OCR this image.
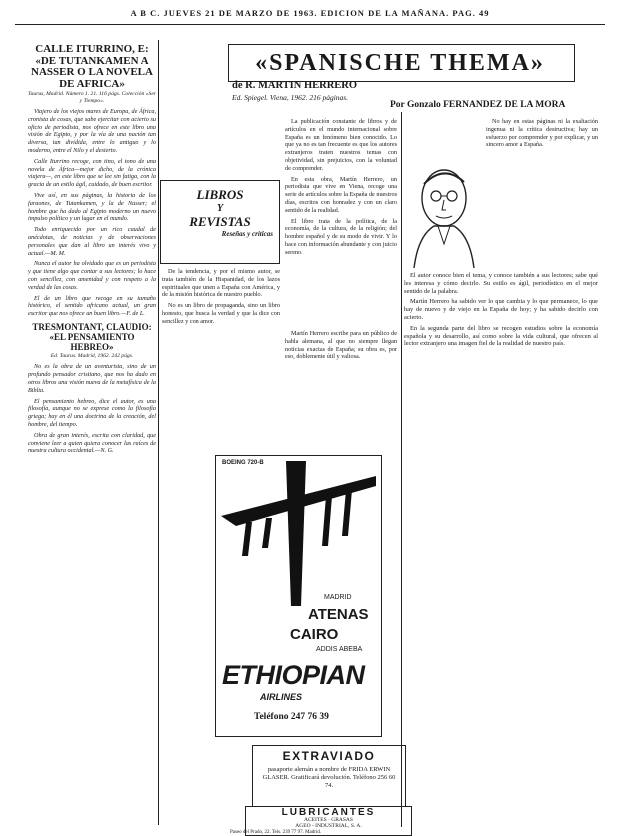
A B C. JUEVES 21 DE MARZO DE 1963. EDICION DE LA MAÑANA. PAG. 49
CALLE ITURRINO, E: «DE TUTANKAMEN A NASSER O LA NOVELA DE AFRICA»
Taurus, Madrid. Número 1. 21. 116 págs. Colección «Ser y Tiempo».

Viajero de los viejos mares de Europa, de África, cronista de cosas, que sabe ejercitar con acierto su oficio de periodista, nos ofrece en este libro una visión de Egipto, y por la vía de una nación tan diversa, tan dividida, entre lo antiguo y lo moderno, entre el Nilo y el desierto.

Calle Iturrino recoge, con tino, el tono de una novela de África—mejor dicho, de la crónica viajera—, en este libro que se lee sin fatiga, con la gracia de un estilo ágil, cuidado, de buen escritor.

Vive así, en sus páginas, la historia de los faraones, de Tutankamen, y la de Nasser; el hombre que ha dado al Egipto moderno un nuevo impulso político y un lugar en el mundo.

Todo enriquecido por un rico caudal de anécdotas, de noticias y de observaciones personales que dan al libro un interés vivo y actual.—M. M.

Nunca el autor ha olvidado que es un periodista y que tiene algo que contar a sus lectores; lo hace con sencillez, con amenidad y con respeto a la verdad de las cosas.

El de un libro que recoge en su tamaño histórico, el sentido africano actual, un gran escritor que nos ofrece un buen libro.—F. de L.

TRESMONTANT, CLAUDIO: «EL PENSAMIENTO HEBREO»
Ed. Taurus. Madrid, 1962. 242 págs.

No es la obra de un aventurista, sino de un profundo pensador cristiano, que nos ha dado en otros libros una visión nueva de la metafísica de la Biblia.

El pensamiento hebreo, dice el autor, es una filosofía, aunque no se exprese como la filosofía griega; hay en él una doctrina de la creación, del hombre, del tiempo.

Obra de gran interés, escrita con claridad, que conviene leer a quien quiera conocer las raíces de nuestra cultura occidental.—N. G.

LIBROS
Y
REVISTAS
Reseñas y críticas
«SPANISCHE THEMA»
de R. MARTIN HERRERO
Ed. Spiegel. Viena, 1962. 216 páginas.
Por Gonzalo FERNANDEZ DE LA MORA

La publicación constante de libros y de artículos en el mundo internacional sobre España es un fenómeno bien conocido. Lo que ya no es tan frecuente es que los autores extranjeros traten nuestros temas con objetividad, sin prejuicios, con la voluntad de comprender.

En esta obra, Martín Herrero, un periodista que vive en Viena, recoge una serie de artículos sobre la España de nuestros días, escritos con honradez y con un claro sentido de la realidad.

El libro trata de la política, de la economía, de la cultura, de la religión; del hombre español y de su modo de vivir. Y lo hace con información abundante y con juicio sereno.

De la tendencia, y por el mismo autor, se trata también de la Hispanidad, de los lazos espirituales que unen a España con América, y de la misión histórica de nuestro pueblo.

No es un libro de propaganda, sino un libro honesto, que busca la verdad y que la dice con sencillez y con amor.

Martín Herrero escribe para un público de habla alemana, al que no siempre llegan noticias exactas de España; su obra es, por eso, doblemente útil y valiosa.

No hay en estas páginas ni la exaltación ingenua ni la crítica destructiva; hay un esfuerzo por comprender y por explicar, y un sincero amor a España.

El autor conoce bien el tema, y conoce también a sus lectores; sabe qué les interesa y cómo decirlo. Su estilo es ágil, periodístico en el mejor sentido de la palabra.

Martín Herrero ha sabido ver lo que cambia y lo que permanece, lo que hay de nuevo y de viejo en la España de hoy; y ha sabido decirlo con acierto.

En la segunda parte del libro se recogen estudios sobre la economía española y su desarrollo, así como sobre la vida cultural, que ofrecen al lector extranjero una imagen fiel de la realidad de nuestro país.

BOEING 720-B
MADRID
ATENAS
CAIRO
ADDIS ABEBA
ETHIOPIAN
AIRLINES
Teléfono 247 76 39
EXTRAVIADO
pasaporte alemán a nombre de FRIDA ERWIN GLASER. Gratificará devolución. Teléfono 256 60 74.
LUBRICANTES
ACEITES · GRASAS
AGEO - INDUSTRIAL, S. A.
Paseo del Prado, 22. Tels. 239 77 97. Madrid.
